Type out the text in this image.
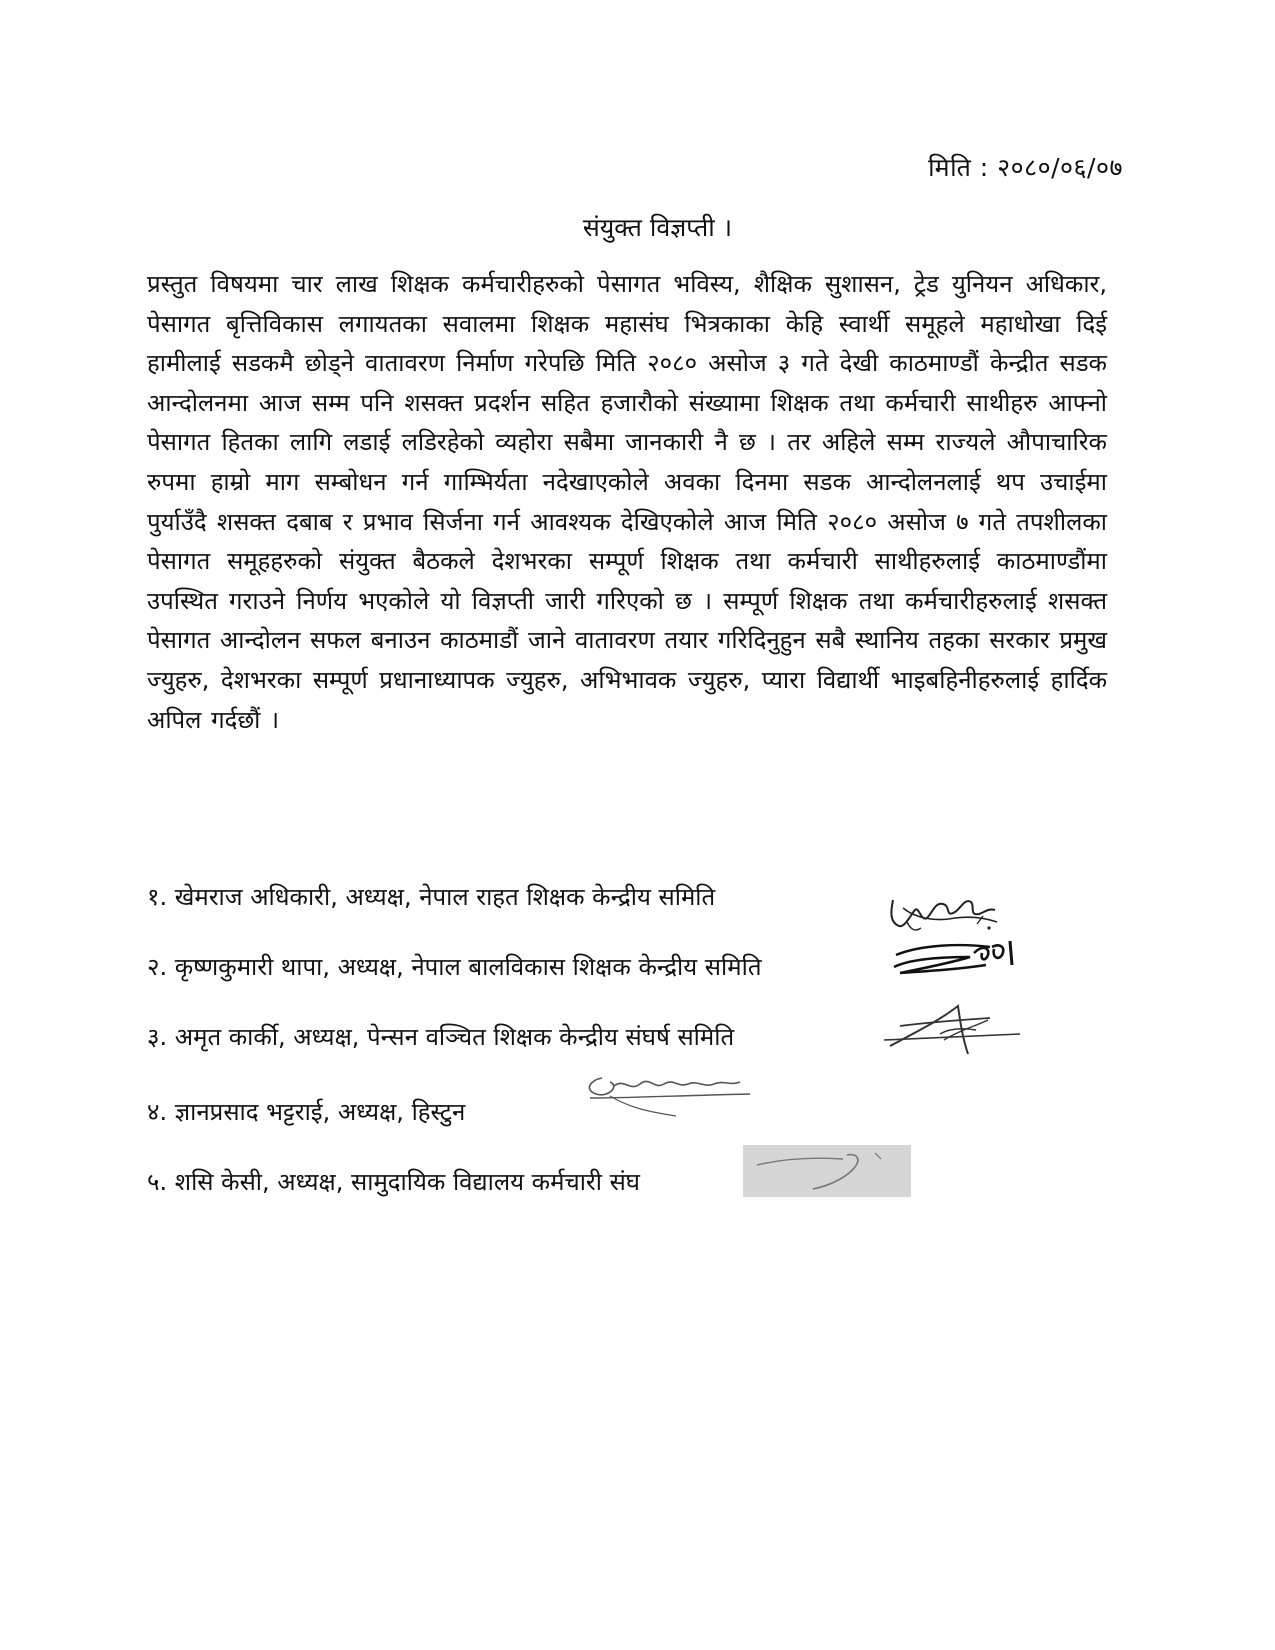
मिति : २०८०/०६/०७
संयुक्त विज्ञप्ती ।
प्रस्तुत विषयमा चार लाख शिक्षक कर्मचारीहरुको पेसागत भविस्य, शैक्षिक सुशासन, ट्रेड युनियन अधिकार, पेसागत बृत्तिविकास लगायतका सवालमा शिक्षक महासंघ भित्रकाका केहि स्वार्थी समूहले महाधोखा दिई हामीलाई सडकमै छोड्ने वातावरण निर्माण गरेपछि मिति २०८० असोज ३ गते देखी काठमाण्डौं केन्द्रीत सडक आन्दोलनमा आज सम्म पनि शसक्त प्रदर्शन सहित हजारौको संख्यामा शिक्षक तथा कर्मचारी साथीहरु आफ्नो पेसागत हितका लागि लडाई लडिरहेको व्यहोरा सबैमा जानकारी नै छ । तर अहिले सम्म राज्यले औपाचारिक रुपमा हाम्रो माग सम्बोधन गर्न गाम्भिर्यता नदेखाएकोले अवका दिनमा सडक आन्दोलनलाई थप उचाईमा पुर्याउँदै शसक्त दबाब र प्रभाव सिर्जना गर्न आवश्यक देखिएकोले आज मिति २०८० असोज ७ गते तपशीलका पेसागत समूहहरुको संयुक्त बैठकले देशभरका सम्पूर्ण शिक्षक तथा कर्मचारी साथीहरुलाई काठमाण्डौंमा उपस्थित गराउने निर्णय भएकोले यो विज्ञप्ती जारी गरिएको छ । सम्पूर्ण शिक्षक तथा कर्मचारीहरुलाई शसक्त पेसागत आन्दोलन सफल बनाउन काठमाडौं जाने वातावरण तयार गरिदिनुहुन सबै स्थानिय तहका सरकार प्रमुख ज्युहरु, देशभरका सम्पूर्ण प्रधानाध्यापक ज्युहरु, अभिभावक ज्युहरु, प्यारा विद्यार्थी भाइबहिनीहरुलाई हार्दिक अपिल गर्दछौं ।
१. खेमराज अधिकारी, अध्यक्ष, नेपाल राहत शिक्षक केन्द्रीय समिति
२. कृष्णकुमारी थापा, अध्यक्ष, नेपाल बालविकास शिक्षक केन्द्रीय समिति
३. अमृत कार्की, अध्यक्ष, पेन्सन वञ्चित शिक्षक केन्द्रीय संघर्ष समिति
४. ज्ञानप्रसाद भट्टराई, अध्यक्ष, हिस्टुन
५. शसि केसी, अध्यक्ष, सामुदायिक विद्यालय कर्मचारी संघ
